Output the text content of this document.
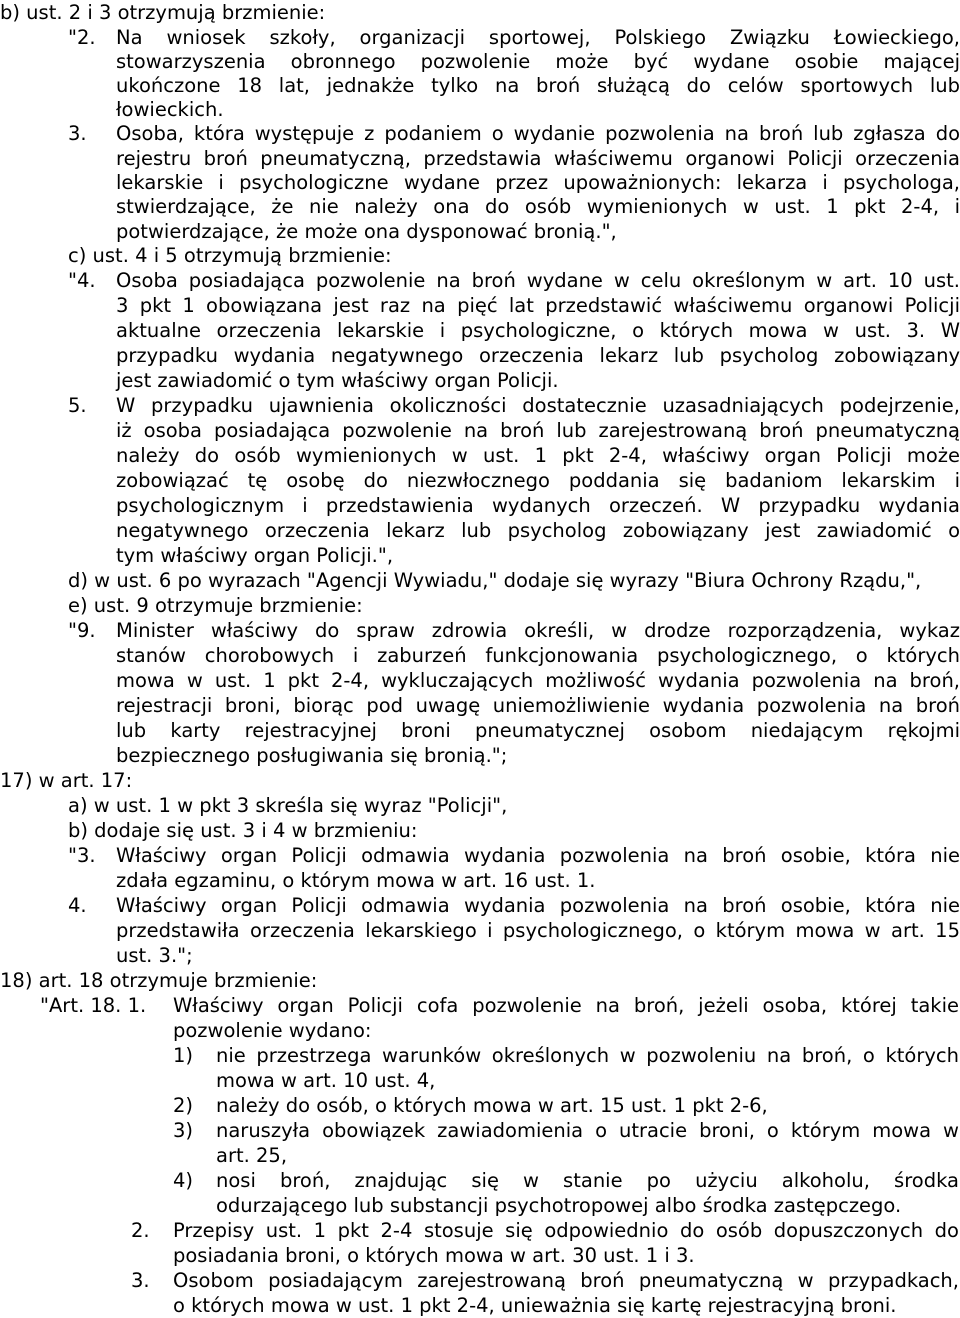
b) ust. 2 i 3 otrzymują brzmienie:
"2. Na wniosek szkoły, organizacji sportowej, Polskiego Związku Łowieckiego,
stowarzyszenia obronnego pozwolenie może być wydane osobie mającej
ukończone 18 lat, jednakże tylko na broń służącą do celów sportowych lub
łowieckich.
3. Osoba, która występuje z podaniem o wydanie pozwolenia na broń lub zgłasza do
rejestru broń pneumatyczną, przedstawia właściwemu organowi Policji orzeczenia
lekarskie i psychologiczne wydane przez upoważnionych: lekarza i psychologa,
stwierdzające, że nie należy ona do osób wymienionych w ust. 1 pkt 2-4, i
potwierdzające, że może ona dysponować bronią.",
c) ust. 4 i 5 otrzymują brzmienie:
"4. Osoba posiadająca pozwolenie na broń wydane w celu określonym w art. 10 ust.
3 pkt 1 obowiązana jest raz na pięć lat przedstawić właściwemu organowi Policji
aktualne orzeczenia lekarskie i psychologiczne, o których mowa w ust. 3. W
przypadku wydania negatywnego orzeczenia lekarz lub psycholog zobowiązany
jest zawiadomić o tym właściwy organ Policji.
5. W przypadku ujawnienia okoliczności dostatecznie uzasadniających podejrzenie,
iż osoba posiadająca pozwolenie na broń lub zarejestrowaną broń pneumatyczną
należy do osób wymienionych w ust. 1 pkt 2-4, właściwy organ Policji może
zobowiązać tę osobę do niezwłocznego poddania się badaniom lekarskim i
psychologicznym i przedstawienia wydanych orzeczeń. W przypadku wydania
negatywnego orzeczenia lekarz lub psycholog zobowiązany jest zawiadomić o
tym właściwy organ Policji.",
d) w ust. 6 po wyrazach "Agencji Wywiadu," dodaje się wyrazy "Biura Ochrony Rządu,",
e) ust. 9 otrzymuje brzmienie:
"9. Minister właściwy do spraw zdrowia określi, w drodze rozporządzenia, wykaz
stanów chorobowych i zaburzeń funkcjonowania psychologicznego, o których
mowa w ust. 1 pkt 2-4, wykluczających możliwość wydania pozwolenia na broń,
rejestracji broni, biorąc pod uwagę uniemożliwienie wydania pozwolenia na broń
lub karty rejestracyjnej broni pneumatycznej osobom niedającym rękojmi
bezpiecznego posługiwania się bronią.";
17) w art. 17:
a) w ust. 1 w pkt 3 skreśla się wyraz "Policji",
b) dodaje się ust. 3 i 4 w brzmieniu:
"3. Właściwy organ Policji odmawia wydania pozwolenia na broń osobie, która nie
zdała egzaminu, o którym mowa w art. 16 ust. 1.
4. Właściwy organ Policji odmawia wydania pozwolenia na broń osobie, która nie
przedstawiła orzeczenia lekarskiego i psychologicznego, o którym mowa w art. 15
ust. 3.";
18) art. 18 otrzymuje brzmienie:
"Art. 18. 1. Właściwy organ Policji cofa pozwolenie na broń, jeżeli osoba, której takie
pozwolenie wydano:
1) nie przestrzega warunków określonych w pozwoleniu na broń, o których
mowa w art. 10 ust. 4,
2) należy do osób, o których mowa w art. 15 ust. 1 pkt 2-6,
3) naruszyła obowiązek zawiadomienia o utracie broni, o którym mowa w
art. 25,
4) nosi broń, znajdując się w stanie po użyciu alkoholu, środka
odurzającego lub substancji psychotropowej albo środka zastępczego.
2. Przepisy ust. 1 pkt 2-4 stosuje się odpowiednio do osób dopuszczonych do
posiadania broni, o których mowa w art. 30 ust. 1 i 3.
3. Osobom posiadającym zarejestrowaną broń pneumatyczną w przypadkach,
o których mowa w ust. 1 pkt 2-4, unieważnia się kartę rejestracyjną broni.
